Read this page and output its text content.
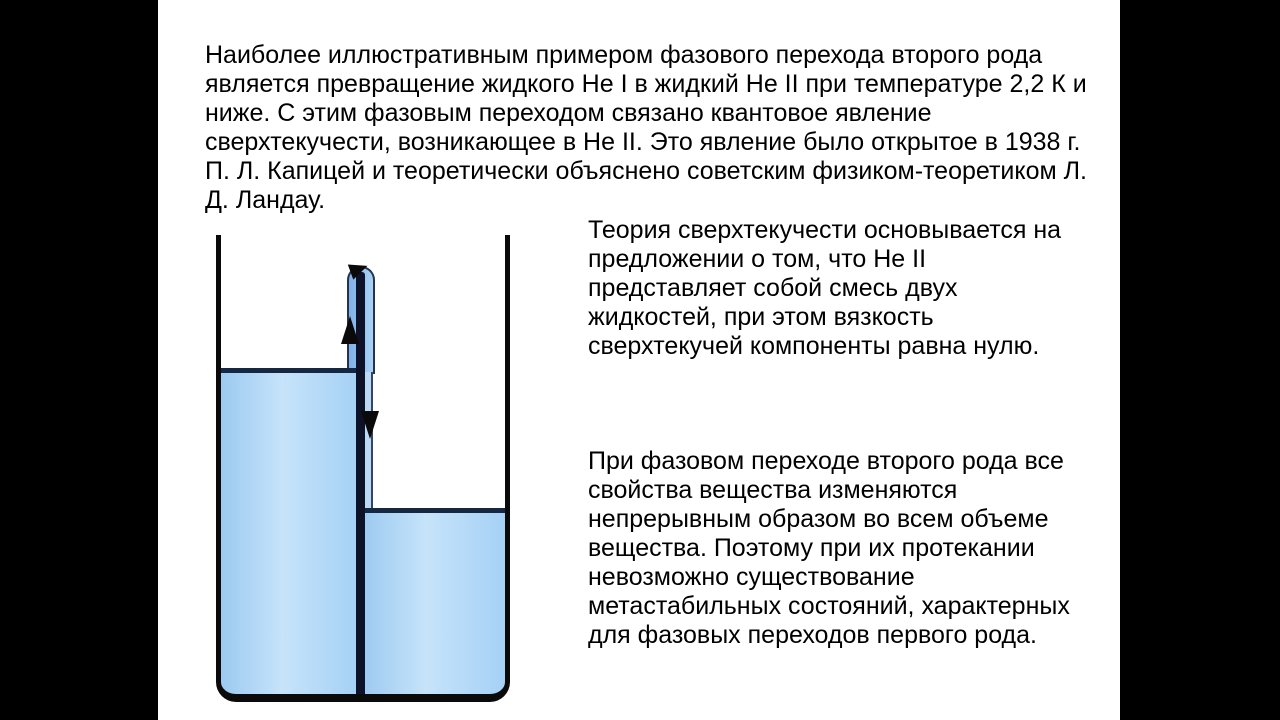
Наиболее иллюстративным примером фазового перехода второго рода
является превращение жидкого He I в жидкий He II при температуре 2,2 К и
ниже. С этим фазовым переходом связано квантовое явление
сверхтекучести, возникающее в He II. Это явление было открытое в 1938 г.
П. Л. Капицей и теоретически объяснено советским физиком-теоретиком Л.
Д. Ландау.
Теория сверхтекучести основывается на
предложении о том, что He II
представляет собой смесь двух
жидкостей, при этом вязкость
сверхтекучей компоненты равна нулю.
При фазовом переходе второго рода все
свойства вещества изменяются
непрерывным образом во всем объеме
вещества. Поэтому при их протекании
невозможно существование
метастабильных состояний, характерных
для фазовых переходов первого рода.
